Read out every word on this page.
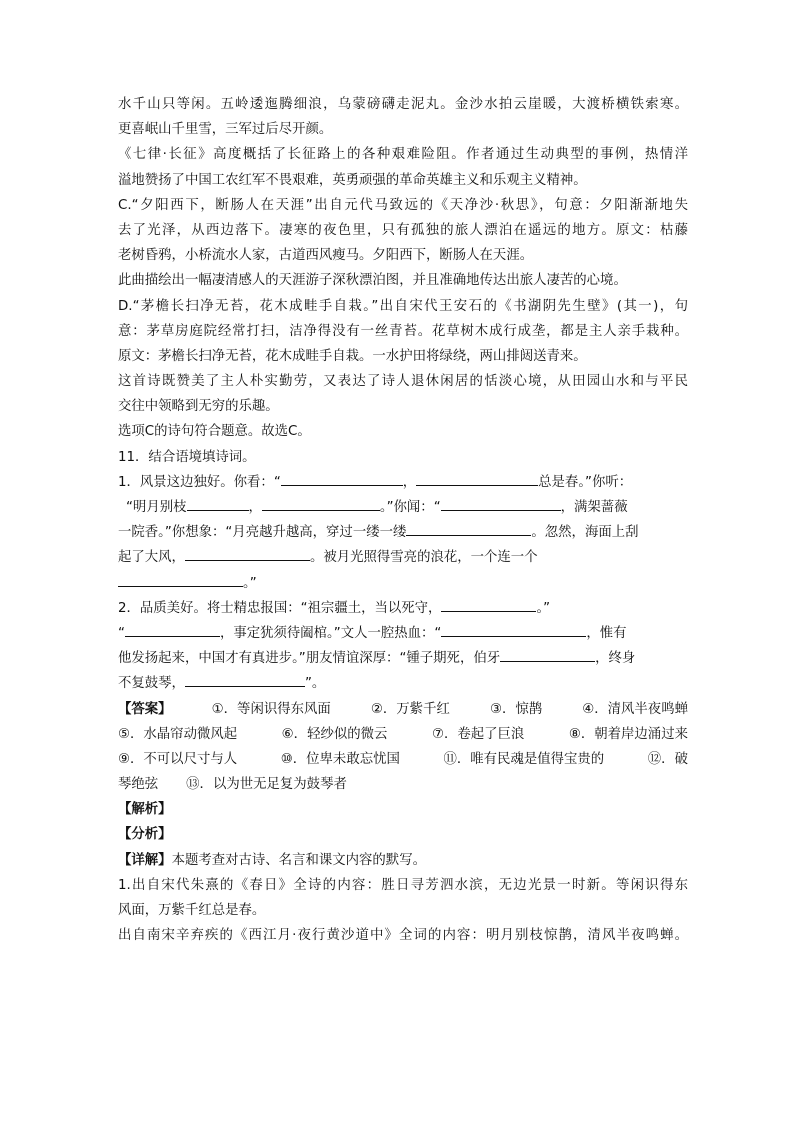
水千山只等闲。五岭逶迤腾细浪，乌蒙磅礴走泥丸。金沙水拍云崖暖，大渡桥横铁索寒。
更喜岷山千里雪，三军过后尽开颜。
《七律·长征》高度概括了长征路上的各种艰难险阻。作者通过生动典型的事例，热情洋
溢地赞扬了中国工农红军不畏艰难，英勇顽强的革命英雄主义和乐观主义精神。
C.“夕阳西下，断肠人在天涯”出自元代马致远的《天净沙·秋思》，句意：夕阳渐渐地失
去了光泽，从西边落下。凄寒的夜色里，只有孤独的旅人漂泊在遥远的地方。原文：枯藤
老树昏鸦，小桥流水人家，古道西风瘦马。夕阳西下，断肠人在天涯。
此曲描绘出一幅凄清感人的天涯游子深秋漂泊图，并且准确地传达出旅人凄苦的心境。
D.“茅檐长扫净无苔，花木成畦手自栽。”出自宋代王安石的《书湖阴先生壁》(其一)，句
意：茅草房庭院经常打扫，洁净得没有一丝青苔。花草树木成行成垄，都是主人亲手栽种。
原文：茅檐长扫净无苔，花木成畦手自栽。一水护田将绿绕，两山排闼送青来。
这首诗既赞美了主人朴实勤劳，又表达了诗人退休闲居的恬淡心境，从田园山水和与平民
交往中领略到无穷的乐趣。
选项C的诗句符合题意。故选C。
11．结合语境填诗词。
1．风景这边独好。你看：“	，	总是春。”你听：
“明月别枝	，	。”你闻：“	，满架蔷薇
一院香。”你想象：“月亮越升越高，穿过一缕一缕	。忽然，海面上刮
起了大风，	。被月光照得雪亮的浪花，一个连一个
。”
2．品质美好。将士精忠报国：“祖宗疆土，当以死守，	。”
“	，事定犹须待阖棺。”文人一腔热血：“	，惟有
他发扬起来，中国才有真进步。”朋友情谊深厚：“锺子期死，伯牙	，终身
不复鼓琴，	”。
【答案】	①．等闲识得东风面	②．万紫千红	③．惊鹊	④．清风半夜鸣蝉
⑤．水晶帘动微风起	⑥．轻纱似的微云	⑦．卷起了巨浪	⑧．朝着岸边涌过来
⑨．不可以尺寸与人	⑩．位卑未敢忘忧国	⑪．唯有民魂是值得宝贵的	⑫．破
琴绝弦 ⑬．以为世无足复为鼓琴者
【解析】
【分析】
【详解】本题考查对古诗、名言和课文内容的默写。
1.出自宋代朱熹的《春日》全诗的内容：胜日寻芳泗水滨，无边光景一时新。等闲识得东
风面，万紫千红总是春。
出自南宋辛弃疾的《西江月·夜行黄沙道中》全词的内容：明月别枝惊鹊，清风半夜鸣蝉。
